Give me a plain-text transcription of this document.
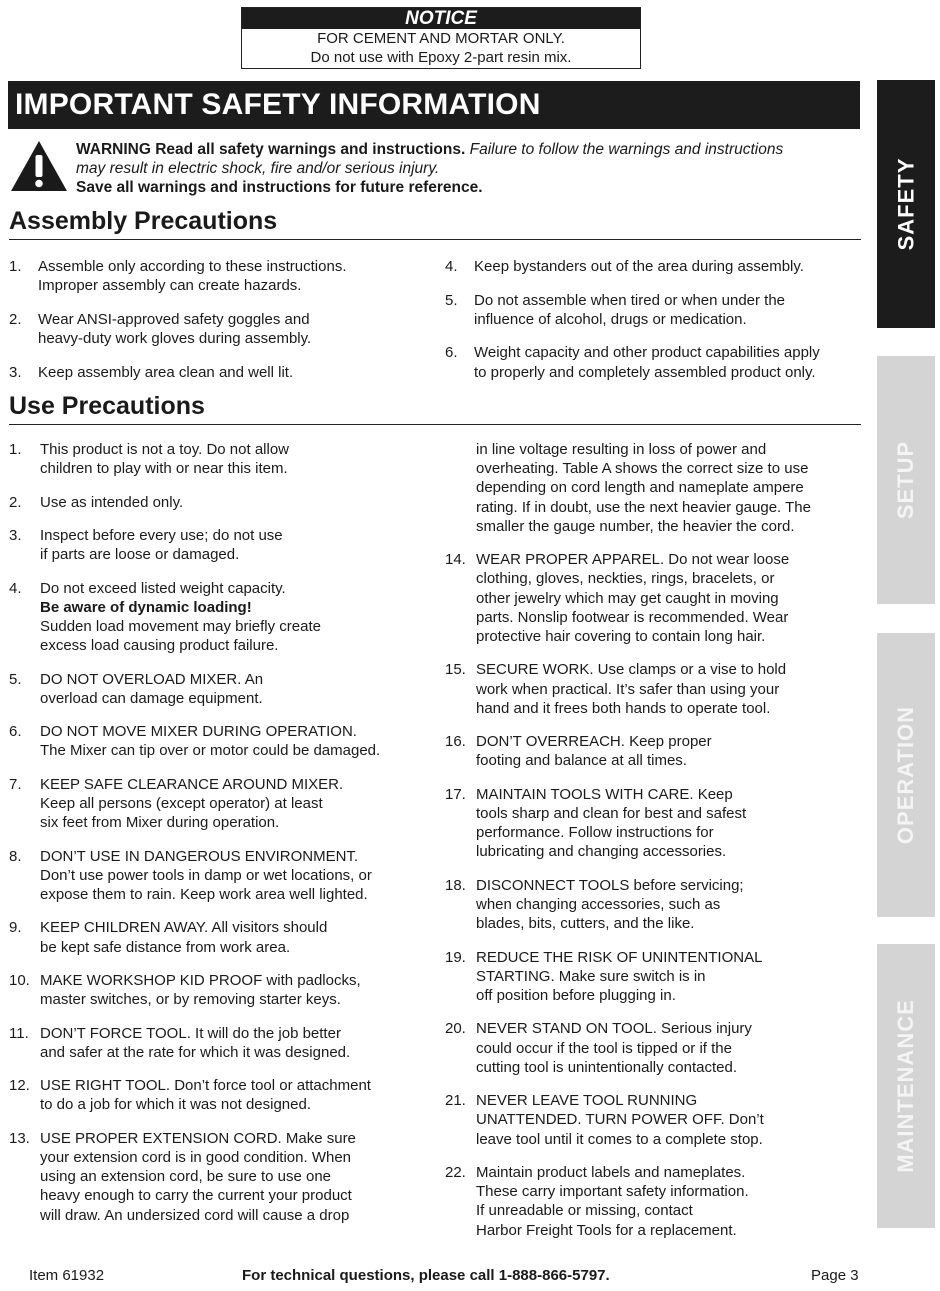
NOTICE
FOR CEMENT AND MORTAR ONLY.
Do not use with Epoxy 2-part resin mix.
IMPORTANT SAFETY INFORMATION
WARNING Read all safety warnings and instructions. Failure to follow the warnings and instructions
may result in electric shock, fire and/or serious injury.
Save all warnings and instructions for future reference.
Assembly Precautions
1. Assemble only according to these instructions.
Improper assembly can create hazards.
2. Wear ANSI-approved safety goggles and
heavy-duty work gloves during assembly.
3. Keep assembly area clean and well lit.
4. Keep bystanders out of the area during assembly.
5. Do not assemble when tired or when under the
influence of alcohol, drugs or medication.
6. Weight capacity and other product capabilities apply
to properly and completely assembled product only.
Use Precautions
1. This product is not a toy. Do not allow
children to play with or near this item.
2. Use as intended only.
3. Inspect before every use; do not use
if parts are loose or damaged.
4. Do not exceed listed weight capacity.
Be aware of dynamic loading!
Sudden load movement may briefly create
excess load causing product failure.
5. DO NOT OVERLOAD MIXER. An
overload can damage equipment.
6. DO NOT MOVE MIXER DURING OPERATION.
The Mixer can tip over or motor could be damaged.
7. KEEP SAFE CLEARANCE AROUND MIXER.
Keep all persons (except operator) at least
six feet from Mixer during operation.
8. DON’T USE IN DANGEROUS ENVIRONMENT.
Don’t use power tools in damp or wet locations, or
expose them to rain. Keep work area well lighted.
9. KEEP CHILDREN AWAY. All visitors should
be kept safe distance from work area.
10. MAKE WORKSHOP KID PROOF with padlocks,
master switches, or by removing starter keys.
11. DON’T FORCE TOOL. It will do the job better
and safer at the rate for which it was designed.
12. USE RIGHT TOOL. Don’t force tool or attachment
to do a job for which it was not designed.
13. USE PROPER EXTENSION CORD. Make sure
your extension cord is in good condition. When
using an extension cord, be sure to use one
heavy enough to carry the current your product
will draw. An undersized cord will cause a drop
in line voltage resulting in loss of power and
overheating. Table A shows the correct size to use
depending on cord length and nameplate ampere
rating. If in doubt, use the next heavier gauge. The
smaller the gauge number, the heavier the cord.
14. WEAR PROPER APPAREL. Do not wear loose
clothing, gloves, neckties, rings, bracelets, or
other jewelry which may get caught in moving
parts. Nonslip footwear is recommended. Wear
protective hair covering to contain long hair.
15. SECURE WORK. Use clamps or a vise to hold
work when practical. It’s safer than using your
hand and it frees both hands to operate tool.
16. DON’T OVERREACH. Keep proper
footing and balance at all times.
17. MAINTAIN TOOLS WITH CARE. Keep
tools sharp and clean for best and safest
performance. Follow instructions for
lubricating and changing accessories.
18. DISCONNECT TOOLS before servicing;
when changing accessories, such as
blades, bits, cutters, and the like.
19. REDUCE THE RISK OF UNINTENTIONAL
STARTING. Make sure switch is in
off position before plugging in.
20. NEVER STAND ON TOOL. Serious injury
could occur if the tool is tipped or if the
cutting tool is unintentionally contacted.
21. NEVER LEAVE TOOL RUNNING
UNATTENDED. TURN POWER OFF. Don’t
leave tool until it comes to a complete stop.
22. Maintain product labels and nameplates.
These carry important safety information.
If unreadable or missing, contact
Harbor Freight Tools for a replacement.
SAFETY
SETUP
OPERATION
MAINTENANCE
Item 61932	For technical questions, please call 1-888-866-5797.	Page 3
